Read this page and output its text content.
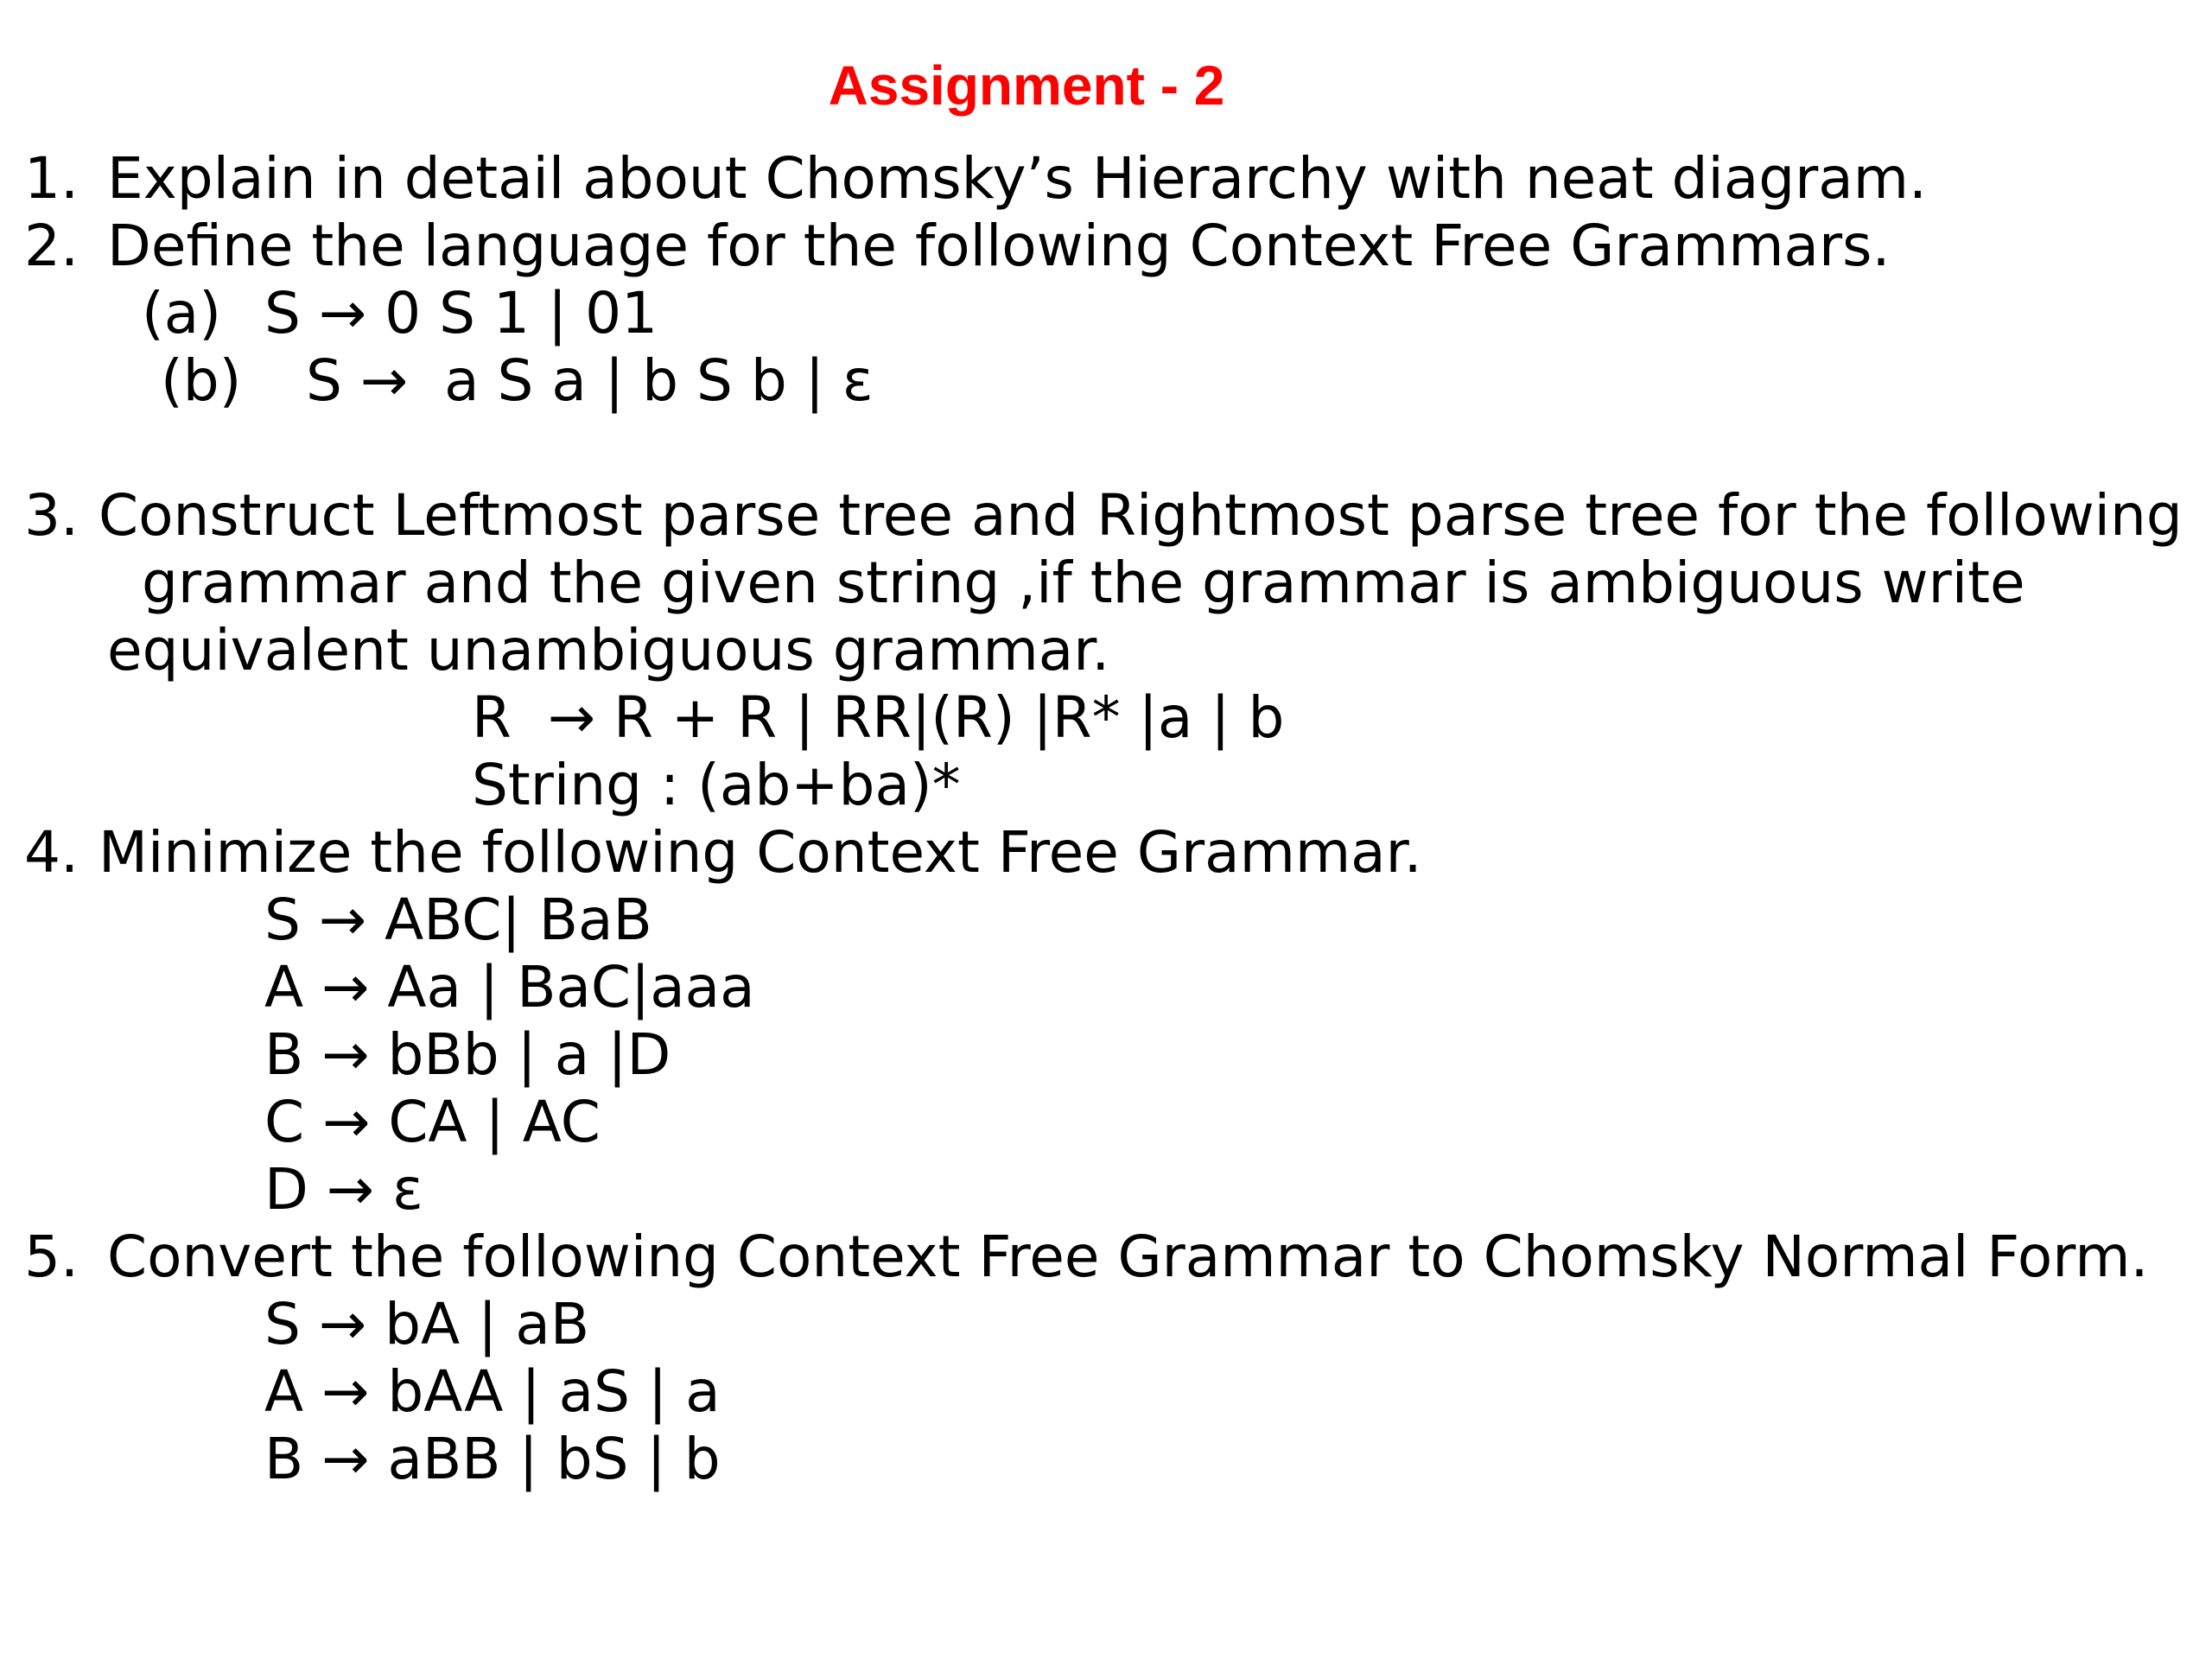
Assignment - 2
1. Explain in detail about Chomsky’s Hierarchy with neat diagram.
2. Define the language for the following Context Free Grammars.
(a) S → 0 S 1 | 01
(b) S →  a S a | b S b | ε
3. Construct Leftmost parse tree and Rightmost parse tree for the following
grammar and the given string ,if the grammar is ambiguous write
equivalent unambiguous grammar.
R  → R + R | RR|(R) |R* |a | b
String : (ab+ba)*
4. Minimize the following Context Free Grammar.
S → ABC| BaB
A → Aa | BaC|aaa
B → bBb | a |D
C → CA | AC
D → ε
5. Convert the following Context Free Grammar to Chomsky Normal Form.
S → bA | aB
A → bAA | aS | a
B → aBB | bS | b
